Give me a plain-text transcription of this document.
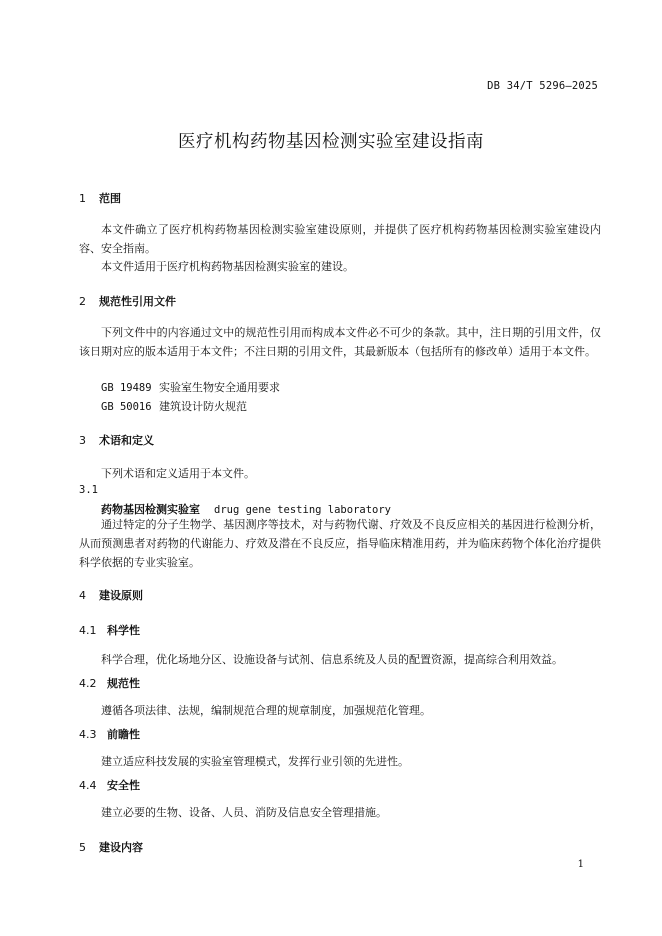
DB 34/T 5296—2025
医疗机构药物基因检测实验室建设指南
1 范围
本文件确立了医疗机构药物基因检测实验室建设原则，并提供了医疗机构药物基因检测实验室建设内容、安全指南。
本文件适用于医疗机构药物基因检测实验室的建设。
2 规范性引用文件
下列文件中的内容通过文中的规范性引用而构成本文件必不可少的条款。其中，注日期的引用文件，仅该日期对应的版本适用于本文件；不注日期的引用文件，其最新版本（包括所有的修改单）适用于本文件。
GB 19489 实验室生物安全通用要求
GB 50016 建筑设计防火规范
3 术语和定义
下列术语和定义适用于本文件。
3.1
药物基因检测实验室 drug gene testing laboratory
通过特定的分子生物学、基因测序等技术，对与药物代谢、疗效及不良反应相关的基因进行检测分析，从而预测患者对药物的代谢能力、疗效及潜在不良反应，指导临床精准用药，并为临床药物个体化治疗提供科学依据的专业实验室。
4 建设原则
4.1 科学性
科学合理，优化场地分区、设施设备与试剂、信息系统及人员的配置资源，提高综合利用效益。
4.2 规范性
遵循各项法律、法规，编制规范合理的规章制度，加强规范化管理。
4.3 前瞻性
建立适应科技发展的实验室管理模式，发挥行业引领的先进性。
4.4 安全性
建立必要的生物、设备、人员、消防及信息安全管理措施。
5 建设内容
1
